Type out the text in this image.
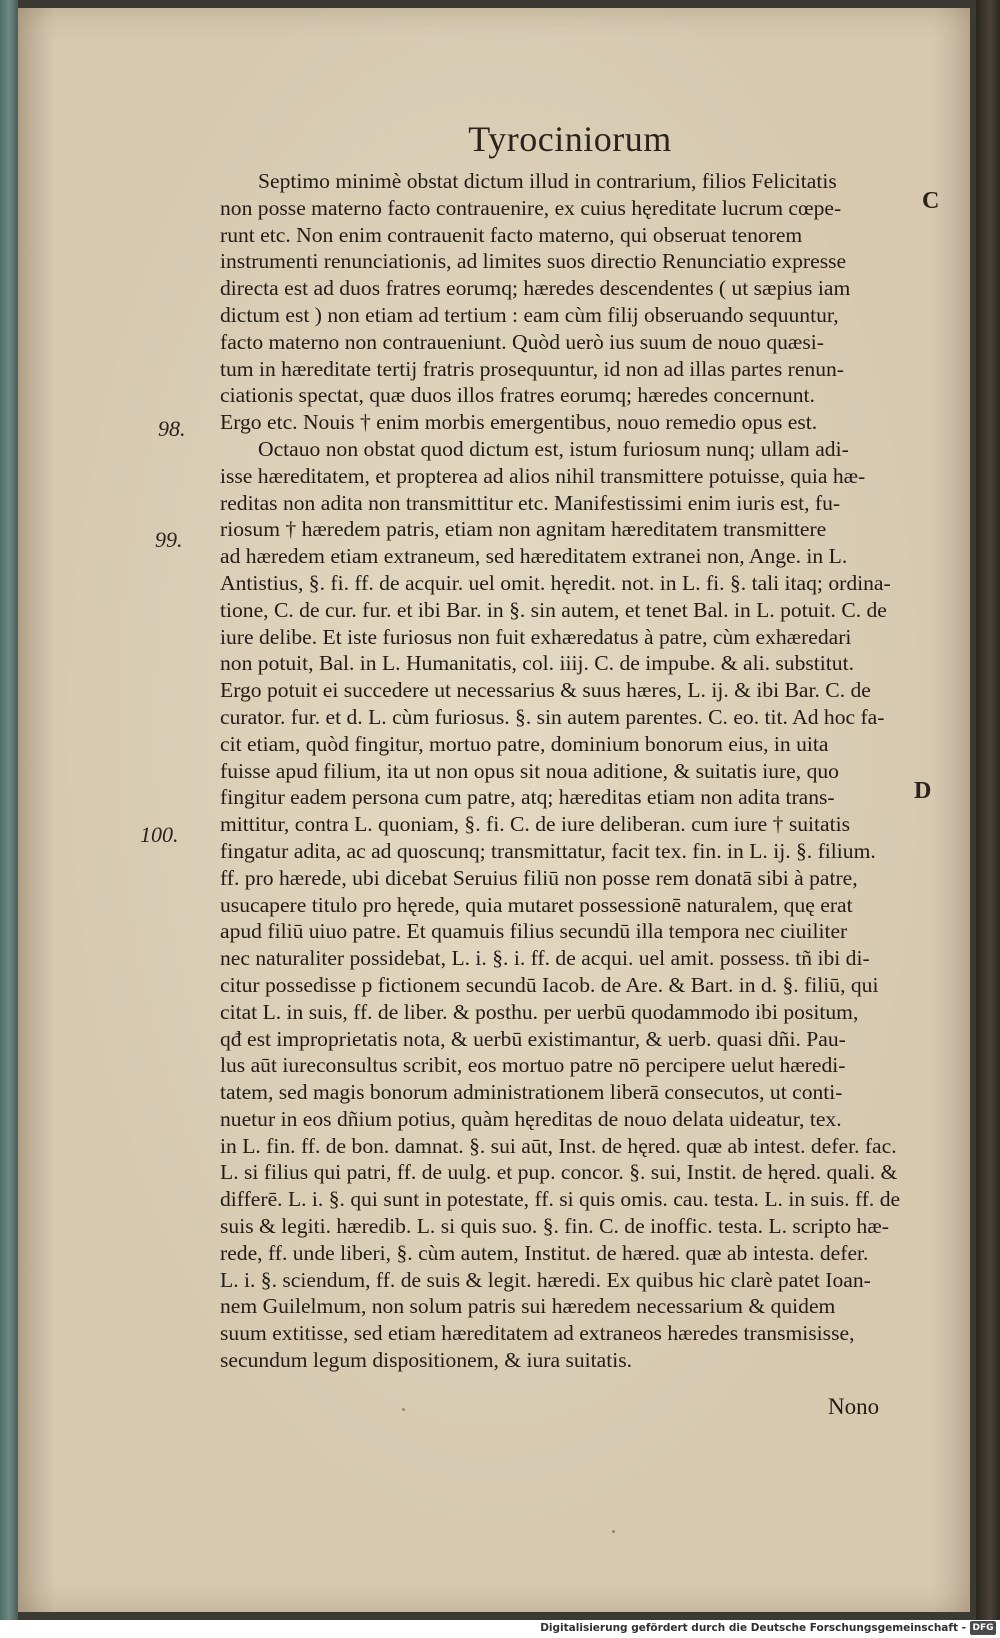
Tyrociniorum
C
D
98.
99.
100.
Septimo minimè obstat dictum illud in contrarium, filios Felicitatis
non posse materno facto contrauenire, ex cuius hęreditate lucrum cœpe-
runt etc. Non enim contrauenit facto materno, qui obseruat tenorem
instrumenti renunciationis, ad limites suos directio Renunciatio expresse
directa est ad duos fratres eorumq; hæredes descendentes ( ut sæpius iam
dictum est ) non etiam ad tertium : eam cùm filij obseruando sequuntur,
facto materno non contraueniunt. Quòd uerò ius suum de nouo quæsi-
tum in hæreditate tertij fratris prosequuntur, id non ad illas partes renun-
ciationis spectat, quæ duos illos fratres eorumq; hæredes concernunt.
Ergo etc. Nouis † enim morbis emergentibus, nouo remedio opus est.
Octauo non obstat quod dictum est, istum furiosum nunq; ullam adi-
isse hæreditatem, et propterea ad alios nihil transmittere potuisse, quia hæ-
reditas non adita non transmittitur etc. Manifestissimi enim iuris est, fu-
riosum † hæredem patris, etiam non agnitam hæreditatem transmittere
ad hæredem etiam extraneum, sed hæreditatem extranei non, Ange. in L.
Antistius, §. fi. ff. de acquir. uel omit. hęredit. not. in L. fi. §. tali itaq; ordina-
tione, C. de cur. fur. et ibi Bar. in §. sin autem, et tenet Bal. in L. potuit. C. de
iure delibe. Et iste furiosus non fuit exhæredatus à patre, cùm exhæredari
non potuit, Bal. in L. Humanitatis, col. iiij. C. de impube. & ali. substitut.
Ergo potuit ei succedere ut necessarius & suus hæres, L. ij. & ibi Bar. C. de
curator. fur. et d. L. cùm furiosus. §. sin autem parentes. C. eo. tit. Ad hoc fa-
cit etiam, quòd fingitur, mortuo patre, dominium bonorum eius, in uita
fuisse apud filium, ita ut non opus sit noua aditione, & suitatis iure, quo
fingitur eadem persona cum patre, atq; hæreditas etiam non adita trans-
mittitur, contra L. quoniam, §. fi. C. de iure deliberan. cum iure † suitatis
fingatur adita, ac ad quoscunq; transmittatur, facit tex. fin. in L. ij. §. filium.
ff. pro hærede, ubi dicebat Seruius filiū non posse rem donatā sibi à patre,
usucapere titulo pro hęrede, quia mutaret possessionē naturalem, quę erat
apud filiū uiuo patre. Et quamuis filius secundū illa tempora nec ciuiliter
nec naturaliter possidebat, L. i. §. i. ff. de acqui. uel amit. possess. tñ ibi di-
citur possedisse p fictionem secundū Iacob. de Are. & Bart. in d. §. filiū, qui
citat L. in suis, ff. de liber. & posthu. per uerbū quodammodo ibi positum,
qđ est improprietatis nota, & uerbū existimantur, & uerb. quasi dñi. Pau-
lus aūt iureconsultus scribit, eos mortuo patre nō percipere uelut hæredi-
tatem, sed magis bonorum administrationem liberā consecutos, ut conti-
nuetur in eos dñium potius, quàm hęreditas de nouo delata uideatur, tex.
in L. fin. ff. de bon. damnat. §. sui aūt, Inst. de hęred. quæ ab intest. defer. fac.
L. si filius qui patri, ff. de uulg. et pup. concor. §. sui, Instit. de hęred. quali. &
differē. L. i. §. qui sunt in potestate, ff. si quis omis. cau. testa. L. in suis. ff. de
suis & legiti. hæredib. L. si quis suo. §. fin. C. de inoffic. testa. L. scripto hæ-
rede, ff. unde liberi, §. cùm autem, Institut. de hæred. quæ ab intesta. defer.
L. i. §. sciendum, ff. de suis & legit. hæredi. Ex quibus hic clarè patet Ioan-
nem Guilelmum, non solum patris sui hæredem necessarium & quidem
suum extitisse, sed etiam hæreditatem ad extraneos hæredes transmisisse,
secundum legum dispositionem, & iura suitatis.
Nono
Digitalisierung gefördert durch die Deutsche Forschungsgemeinschaft - DFG
